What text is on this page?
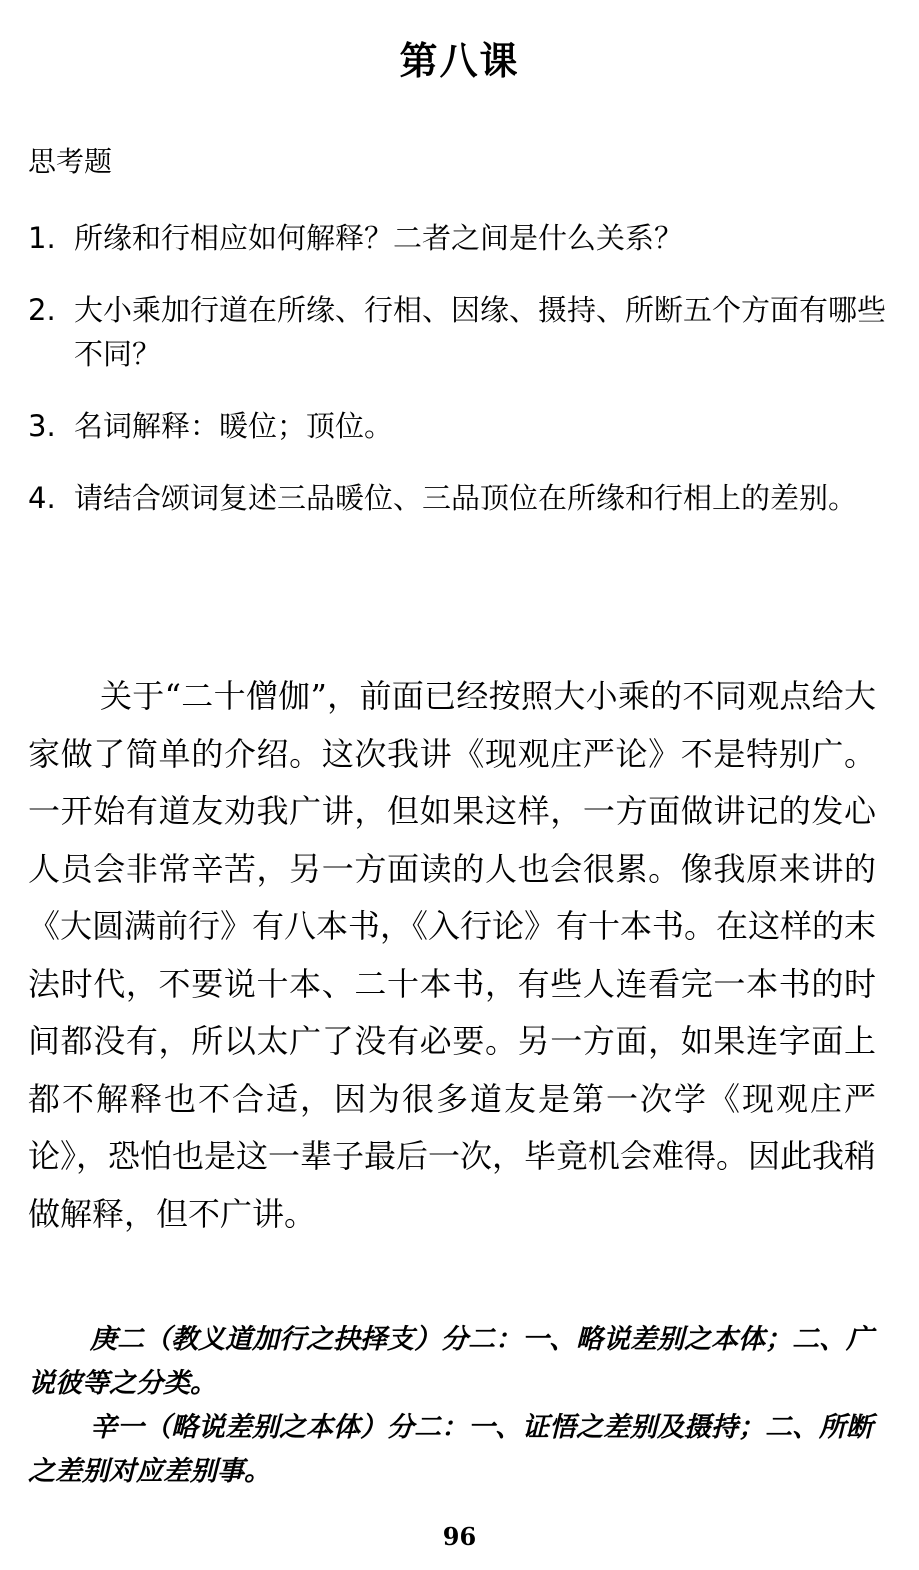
第八课
思考题
1. 所缘和行相应如何解释？二者之间是什么关系？
2. 大小乘加行道在所缘、行相、因缘、摄持、所断五个方面有哪些不同？
3. 名词解释：暖位；顶位。
4. 请结合颂词复述三品暖位、三品顶位在所缘和行相上的差别。

关于“二十僧伽”，前面已经按照大小乘的不同观点给大家做了简单的介绍。这次我讲《现观庄严论》不是特别广。一开始有道友劝我广讲，但如果这样，一方面做讲记的发心人员会非常辛苦，另一方面读的人也会很累。像我原来讲的《大圆满前行》有八本书，《入行论》有十本书。在这样的末法时代，不要说十本、二十本书，有些人连看完一本书的时间都没有，所以太广了没有必要。另一方面，如果连字面上都不解释也不合适，因为很多道友是第一次学《现观庄严论》，恐怕也是这一辈子最后一次，毕竟机会难得。因此我稍做解释，但不广讲。

庚二（教义道加行之抉择支）分二：一、略说差别之本体；二、广说彼等之分类。

辛一（略说差别之本体）分二：一、证悟之差别及摄持；二、所断之差别对应差别事。

96
